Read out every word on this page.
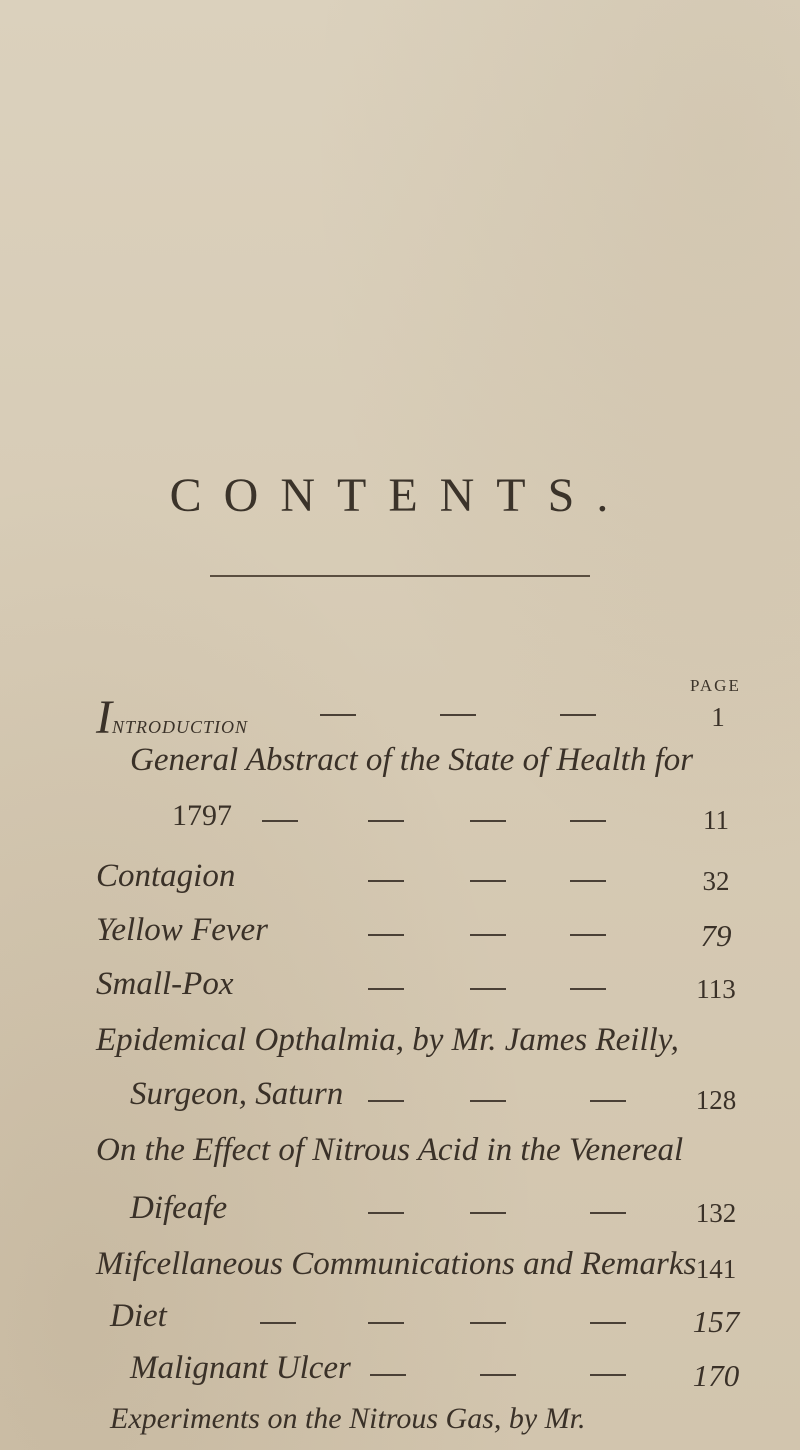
CONTENTS.
PAGE
INTRODUCTION	1
General Abstract of the State of Health for
1797	11
Contagion	32
Yellow Fever	79
Small-Pox	113
Epidemical Opthalmia, by Mr. James Reilly,
Surgeon, Saturn	128
On the Effect of Nitrous Acid in the Venereal
Difeafe	132
Mifcellaneous Communications and Remarks 141
Diet	157
Malignant Ulcer	170
Experiments on the Nitrous Gas, by Mr.
